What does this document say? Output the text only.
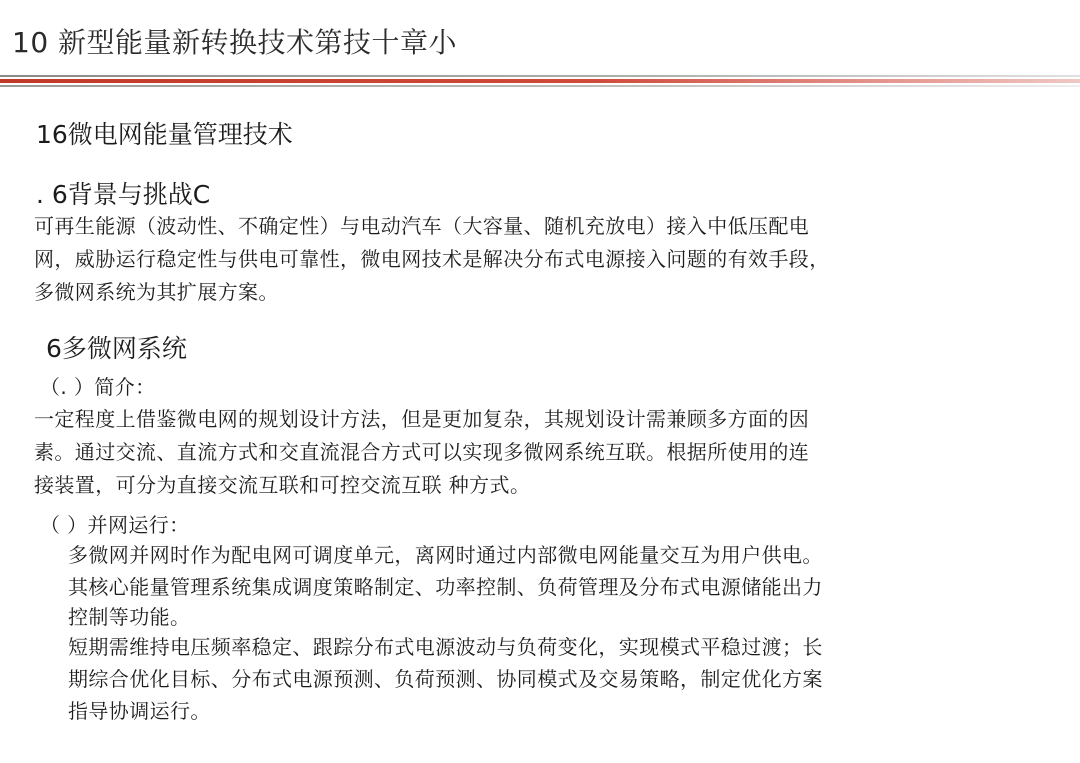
10 新型能量新转换技术第技十章小
16微电网能量管理技术
. 6背景与挑战C
可再生能源（波动性、不确定性）与电动汽车（大容量、随机充放电）接入中低压配电
网，威胁运行稳定性与供电可靠性，微电网技术是解决分布式电源接入问题的有效手段，
多微网系统为其扩展方案。
6多微网系统
（. ）简介：
一定程度上借鉴微电网的规划设计方法，但是更加复杂，其规划设计需兼顾多方面的因
素。通过交流、直流方式和交直流混合方式可以实现多微网系统互联。根据所使用的连
接装置，可分为直接交流互联和可控交流互联 种方式。
（ ）并网运行：
多微网并网时作为配电网可调度单元，离网时通过内部微电网能量交互为用户供电。
其核心能量管理系统集成调度策略制定、功率控制、负荷管理及分布式电源储能出力
控制等功能。
短期需维持电压频率稳定、跟踪分布式电源波动与负荷变化，实现模式平稳过渡；长
期综合优化目标、分布式电源预测、负荷预测、协同模式及交易策略，制定优化方案
指导协调运行。
